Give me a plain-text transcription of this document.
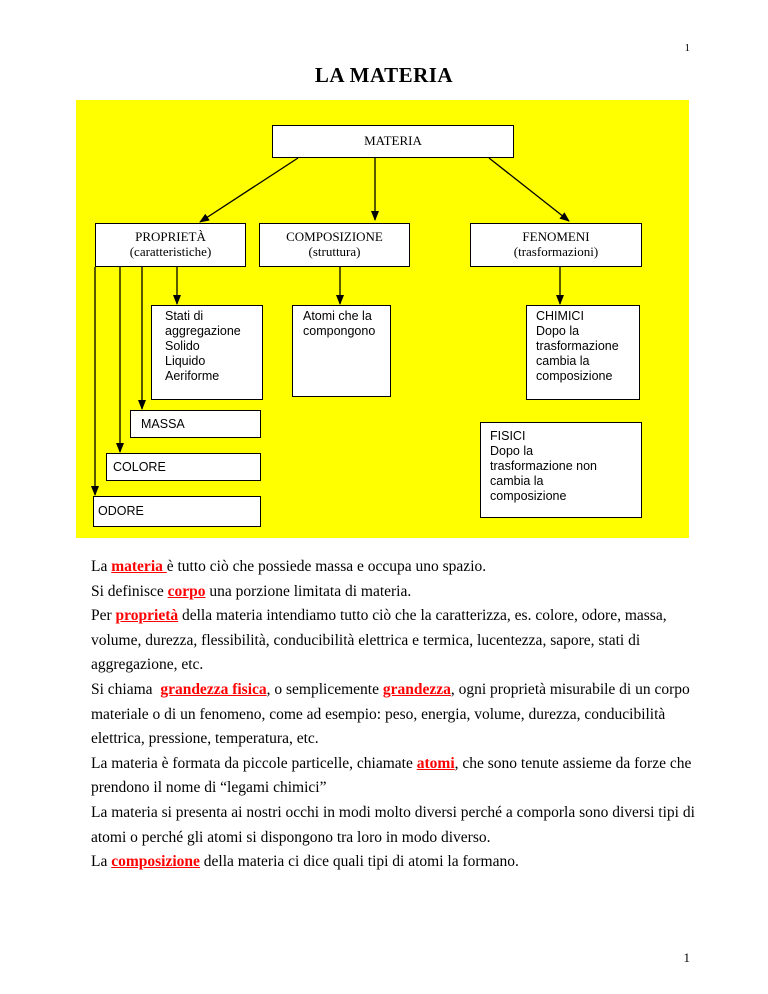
1
LA MATERIA
MATERIA
PROPRIETÀ
(caratteristiche)
COMPOSIZIONE
(struttura)
FENOMENI
(trasformazioni)
Stati di
aggregazione
Solido
Liquido
Aeriforme
Atomi che la
compongono
CHIMICI
Dopo la
trasformazione
cambia la
composizione
FISICI
Dopo la
trasformazione non
cambia la
composizione
MASSA
COLORE
ODORE

La materia è tutto ciò che possiede massa e occupa uno spazio.

Si definisce corpo una porzione limitata di materia.

Per proprietà della materia intendiamo tutto ciò che la caratterizza, es. colore, odore, massa, volume, durezza, flessibilità, conducibilità elettrica e termica, lucentezza, sapore, stati di aggregazione, etc.

Si chiama  grandezza fisica, o semplicemente grandezza, ogni proprietà misurabile di un corpo materiale o di un fenomeno, come ad esempio: peso, energia, volume, durezza, conducibilità elettrica, pressione, temperatura, etc.

La materia è formata da piccole particelle, chiamate atomi, che sono tenute assieme da forze che prendono il nome di “legami chimici”

La materia si presenta ai nostri occhi in modi molto diversi perché a comporla sono diversi tipi di atomi o perché gli atomi si dispongono tra loro in modo diverso.

La composizione della materia ci dice quali tipi di atomi la formano.

1
